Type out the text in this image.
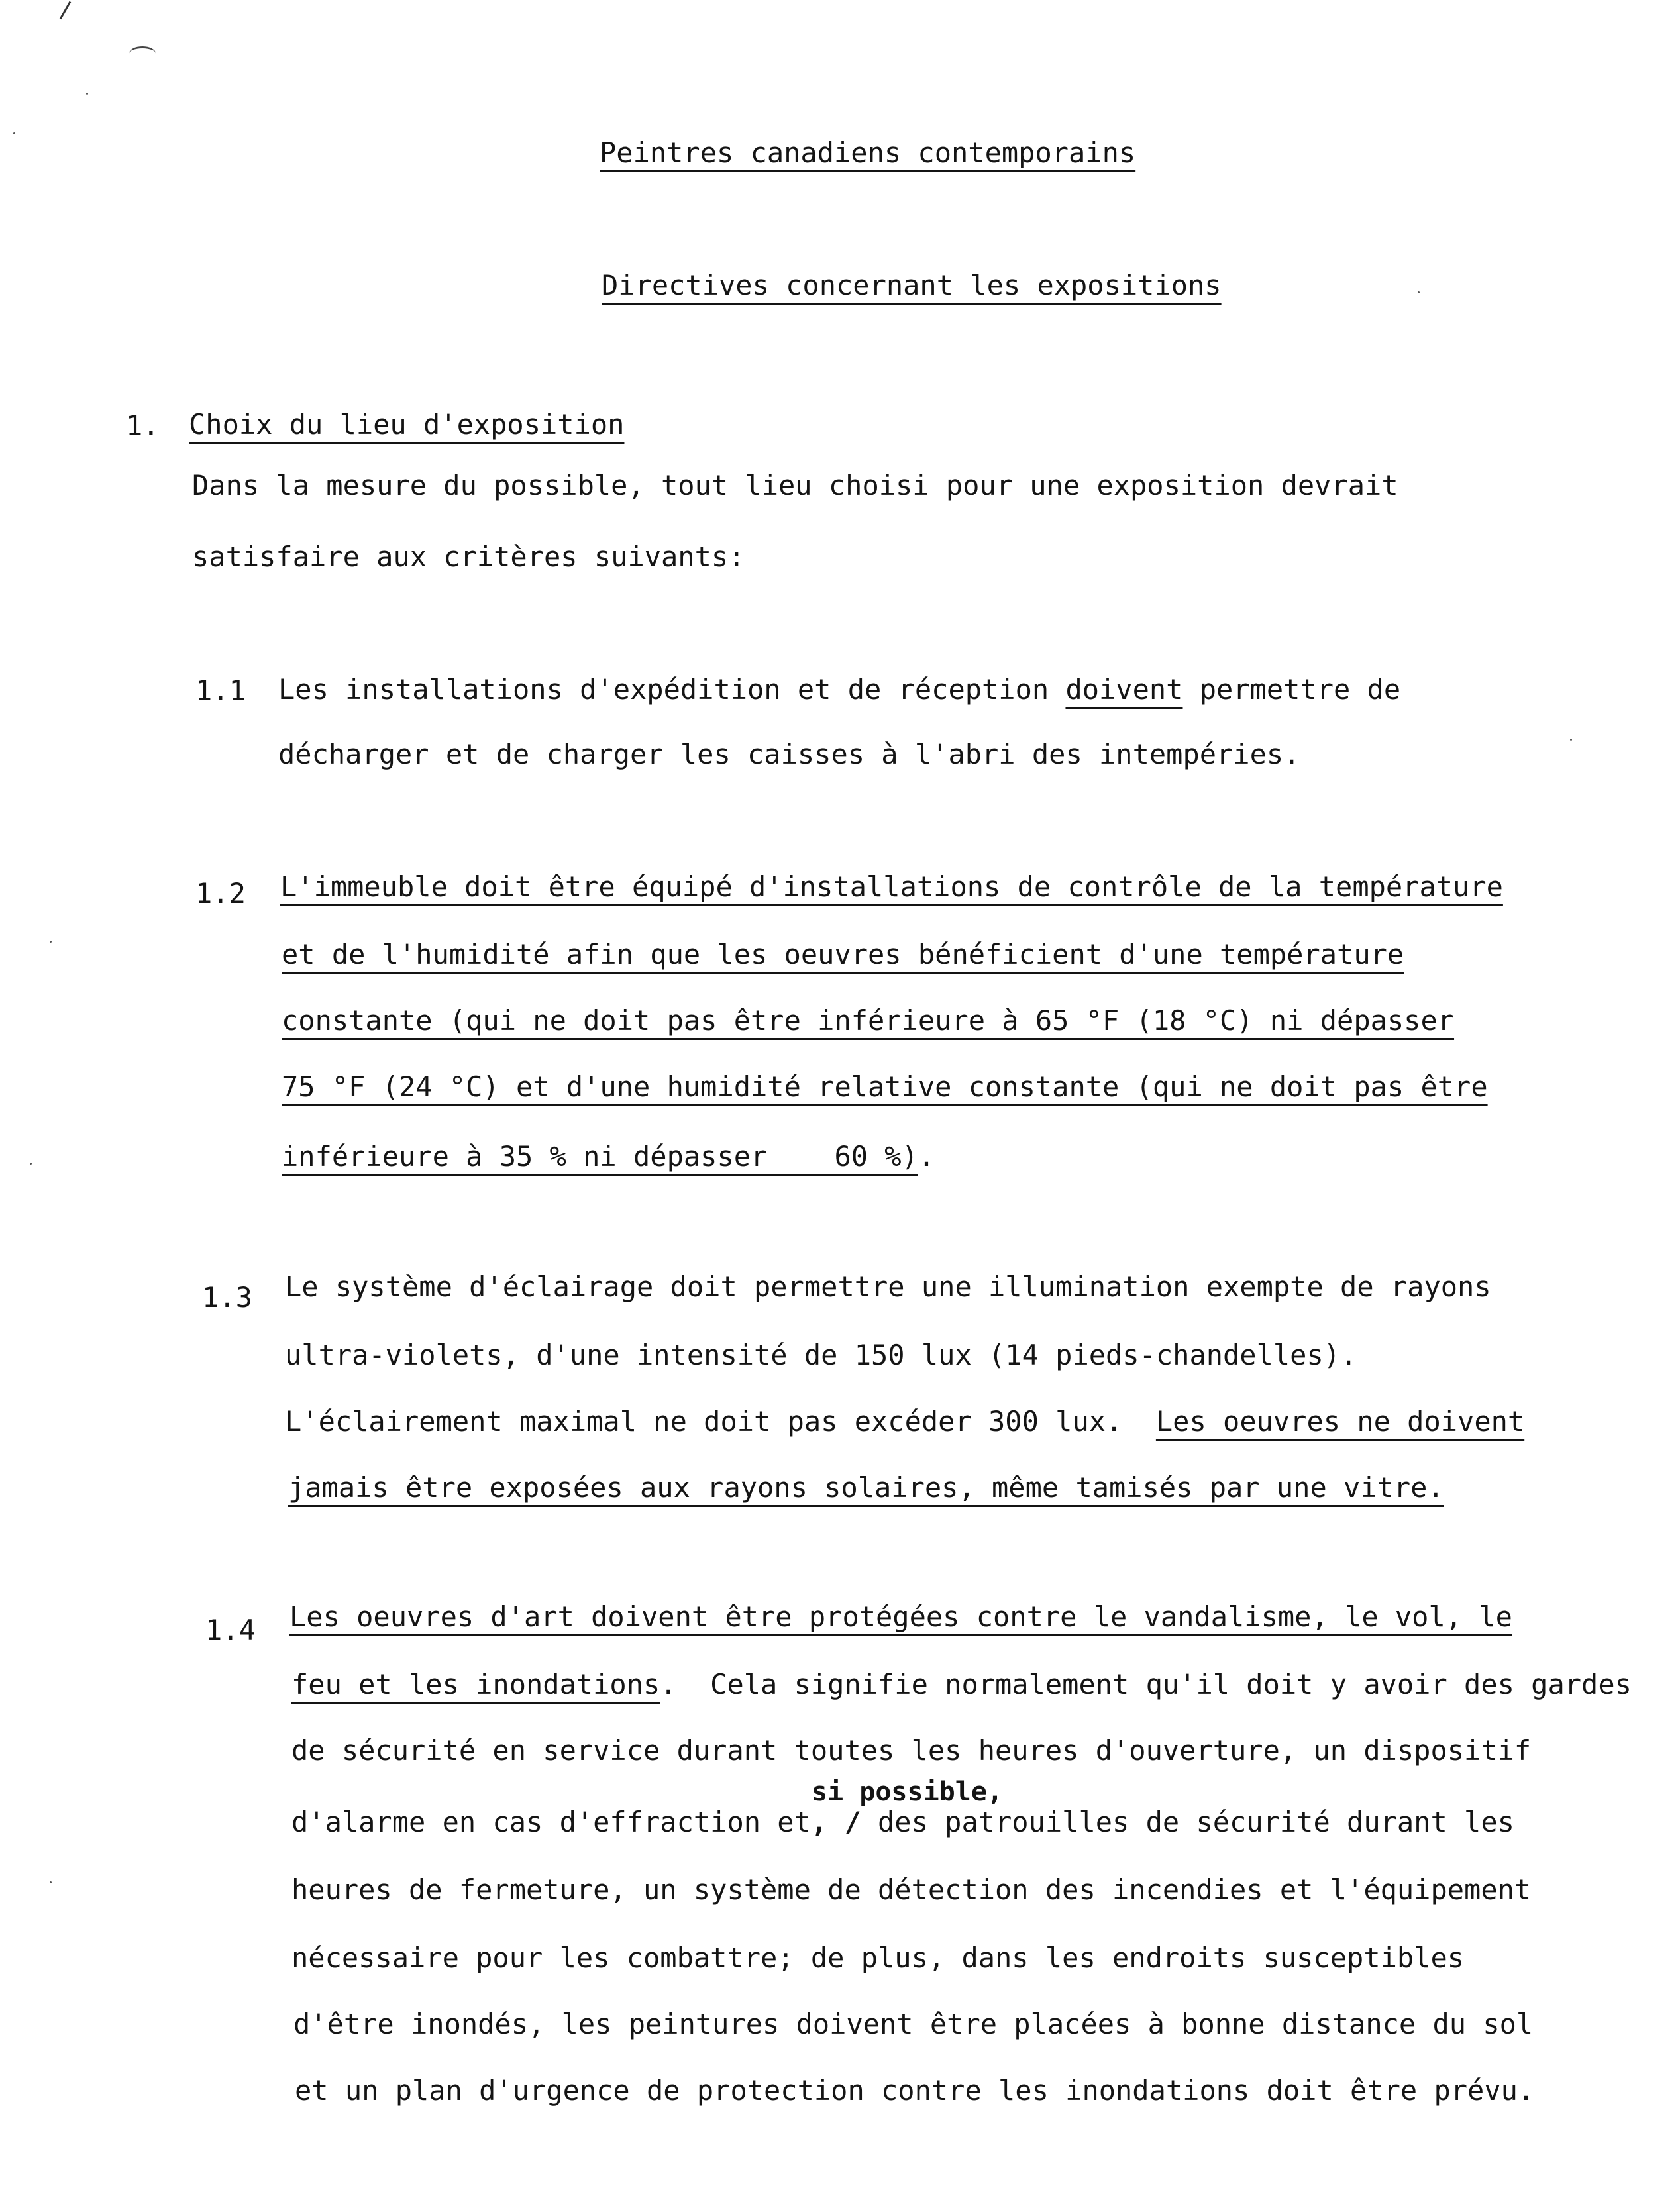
Peintres canadiens contemporains
Directives concernant les expositions
1. Choix du lieu d'exposition
Dans la mesure du possible, tout lieu choisi pour une exposition devrait
satisfaire aux critères suivants:
1.1 Les installations d'expédition et de réception doivent permettre de
décharger et de charger les caisses à l'abri des intempéries.
1.2 L'immeuble doit être équipé d'installations de contrôle de la température
et de l'humidité afin que les oeuvres bénéficient d'une température
constante (qui ne doit pas être inférieure à 65 °F (18 °C) ni dépasser
75 °F (24 °C) et d'une humidité relative constante (qui ne doit pas être
inférieure à 35 % ni dépasser    60 %).
1.3 Le système d'éclairage doit permettre une illumination exempte de rayons
ultra-violets, d'une intensité de 150 lux (14 pieds-chandelles).
L'éclairement maximal ne doit pas excéder 300 lux.  Les oeuvres ne doivent
jamais être exposées aux rayons solaires, même tamisés par une vitre.
1.4 Les oeuvres d'art doivent être protégées contre le vandalisme, le vol, le
feu et les inondations.  Cela signifie normalement qu'il doit y avoir des gardes
de sécurité en service durant toutes les heures d'ouverture, un dispositif
si possible,
d'alarme en cas d'effraction et, / des patrouilles de sécurité durant les
heures de fermeture, un système de détection des incendies et l'équipement
nécessaire pour les combattre; de plus, dans les endroits susceptibles
d'être inondés, les peintures doivent être placées à bonne distance du sol
et un plan d'urgence de protection contre les inondations doit être prévu.
